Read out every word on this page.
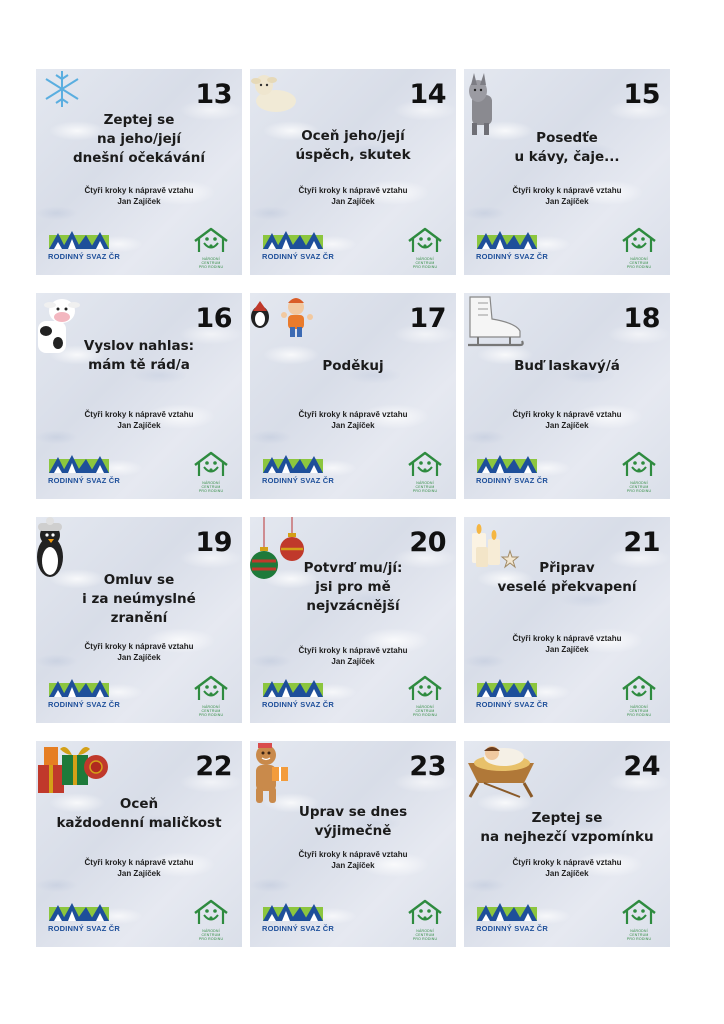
13
Zeptej se
na jeho/její
dnešní očekávání
Čtyři kroky k nápravě vztahu
Jan Zajíček
RODINNÝ SVAZ ČR	NÁRODNÍ
CENTRUM
PRO RODINU
14
Oceň jeho/její
úspěch, skutek
Čtyři kroky k nápravě vztahu
Jan Zajíček
RODINNÝ SVAZ ČR	NÁRODNÍ
CENTRUM
PRO RODINU
15
Posedťe
u kávy, čaje...
Čtyři kroky k nápravě vztahu
Jan Zajíček
RODINNÝ SVAZ ČR	NÁRODNÍ
CENTRUM
PRO RODINU
16
Vyslov nahlas:
mám tě rád/a
Čtyři kroky k nápravě vztahu
Jan Zajíček
RODINNÝ SVAZ ČR	NÁRODNÍ
CENTRUM
PRO RODINU
17
Poděkuj
Čtyři kroky k nápravě vztahu
Jan Zajíček
RODINNÝ SVAZ ČR	NÁRODNÍ
CENTRUM
PRO RODINU
18
Buď laskavý/á
Čtyři kroky k nápravě vztahu
Jan Zajíček
RODINNÝ SVAZ ČR	NÁRODNÍ
CENTRUM
PRO RODINU
19
Omluv se
i za neúmyslné
zranění
Čtyři kroky k nápravě vztahu
Jan Zajíček
RODINNÝ SVAZ ČR	NÁRODNÍ
CENTRUM
PRO RODINU
20
Potvrď mu/jí:
jsi pro mě
nejvzácnější
Čtyři kroky k nápravě vztahu
Jan Zajíček
RODINNÝ SVAZ ČR	NÁRODNÍ
CENTRUM
PRO RODINU
21
Připrav
veselé překvapení
Čtyři kroky k nápravě vztahu
Jan Zajíček
RODINNÝ SVAZ ČR	NÁRODNÍ
CENTRUM
PRO RODINU
22
Oceň
každodenní maličkost
Čtyři kroky k nápravě vztahu
Jan Zajíček
RODINNÝ SVAZ ČR	NÁRODNÍ
CENTRUM
PRO RODINU
23
Uprav se dnes
výjimečně
Čtyři kroky k nápravě vztahu
Jan Zajíček
RODINNÝ SVAZ ČR	NÁRODNÍ
CENTRUM
PRO RODINU
24
Zeptej se
na nejhezčí vzpomínku
Čtyři kroky k nápravě vztahu
Jan Zajíček
RODINNÝ SVAZ ČR	NÁRODNÍ
CENTRUM
PRO RODINU
